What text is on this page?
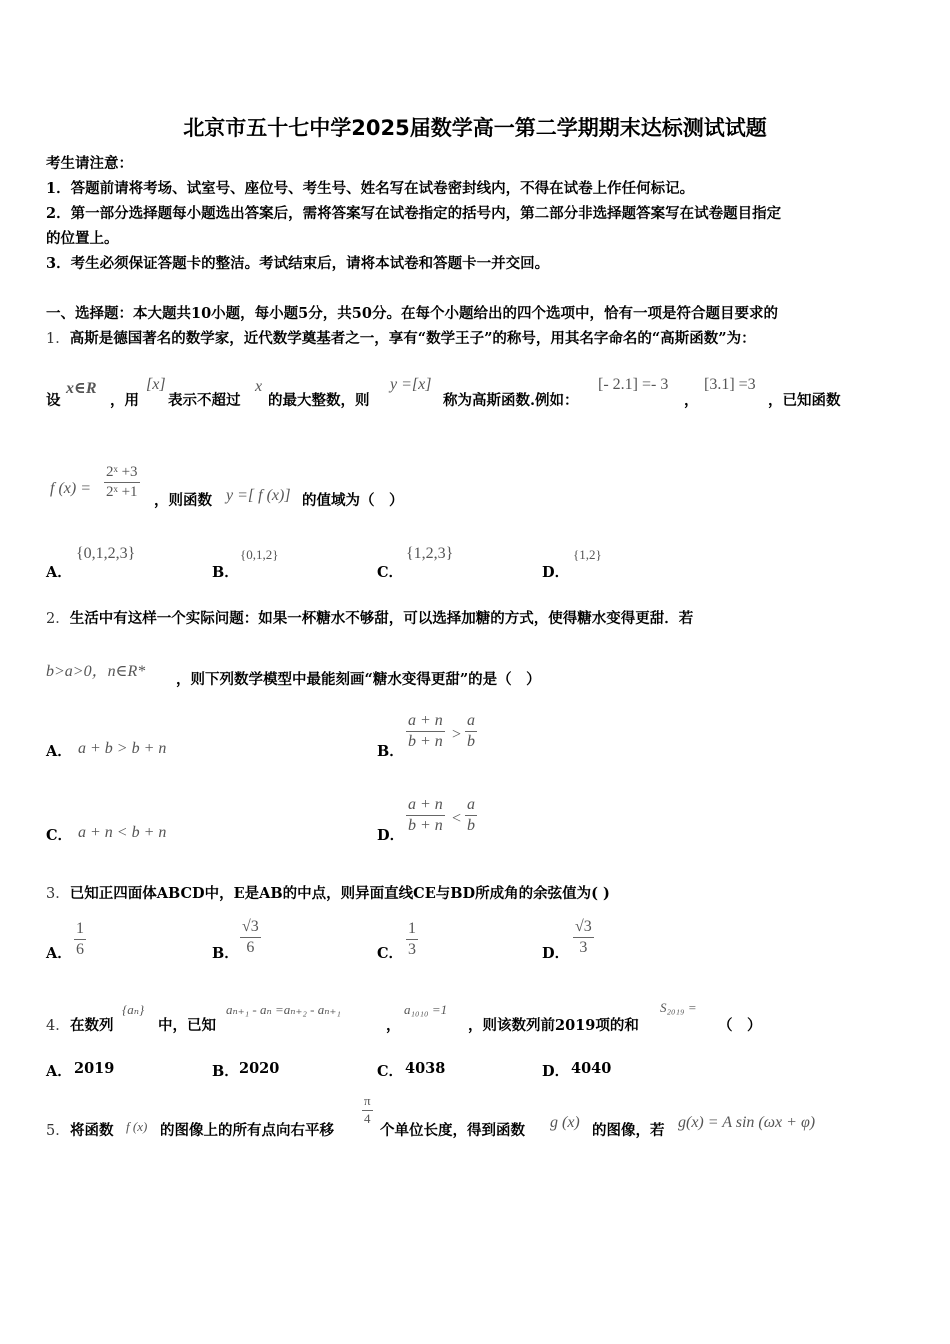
北京市五十七中学2025届数学高一第二学期期末达标测试试题
考生请注意：
1．答题前请将考场、试室号、座位号、考生号、姓名写在试卷密封线内，不得在试卷上作任何标记。
2．第一部分选择题每小题选出答案后，需将答案写在试卷指定的括号内，第二部分非选择题答案写在试卷题目指定
的位置上。
3．考生必须保证答题卡的整洁。考试结束后，请将本试卷和答题卡一并交回。
一、选择题：本大题共10小题，每小题5分，共50分。在每个小题给出的四个选项中，恰有一项是符合题目要求的
1．高斯是德国著名的数学家，近代数学奠基者之一，享有“数学王子”的称号，用其名字命名的“高斯函数”为：
设
x∈R
，用
[x]
表示不超过
x
的最大整数，则
y =[x]
称为高斯函数.例如：
[- 2.1] =- 3
，
[3.1] =3
，已知函数
f $(x) = \frac{\text{2ˣ +3}}{\text{2ˣ +1}}$ ，则函数 y =[ f (x)] 的值域为（　）
A．
{0,1,2,3}
B．
{0,1,2}
C．
{1,2,3}
D．
{1,2}
2．生活中有这样一个实际问题：如果一杯糖水不够甜，可以选择加糖的方式，使得糖水变得更甜．若
b>a>0，n∈R* ，则下列数学模型中最能刻画“糖水变得更甜”的是（　）
A． a + b > b + n	B． $\frac{a + n}{b + n} > \frac{a}{b}$
C． a + n < b + n	D． $\frac{a + n}{b + n} < \frac{a}{b}$
3．已知正四面体ABCD中，E是AB的中点，则异面直线CE与BD所成角的余弦值为( )
A． $\frac{1}{6}$	B． $\frac{√3}{6}$	C． $\frac{1}{3}$	D． $\frac{√3}{3}$
4． 在数列
{aₙ}
中，已知
aₙ₊₁ - aₙ =aₙ₊₂ - aₙ₊₁
，
a₁₀₁₀ =1
，则该数列前2019项的和
S₂₀₁₉ =
（　）
A． 2019	B． 2020	C． 4038	D． 4040
5． 将函数 f (x) 的图像上的所有点向右平移
$\frac{\pi}{4}$
个单位长度，得到函数 g (x) 的图像，若 g(x) = A sin (ωx + φ)
